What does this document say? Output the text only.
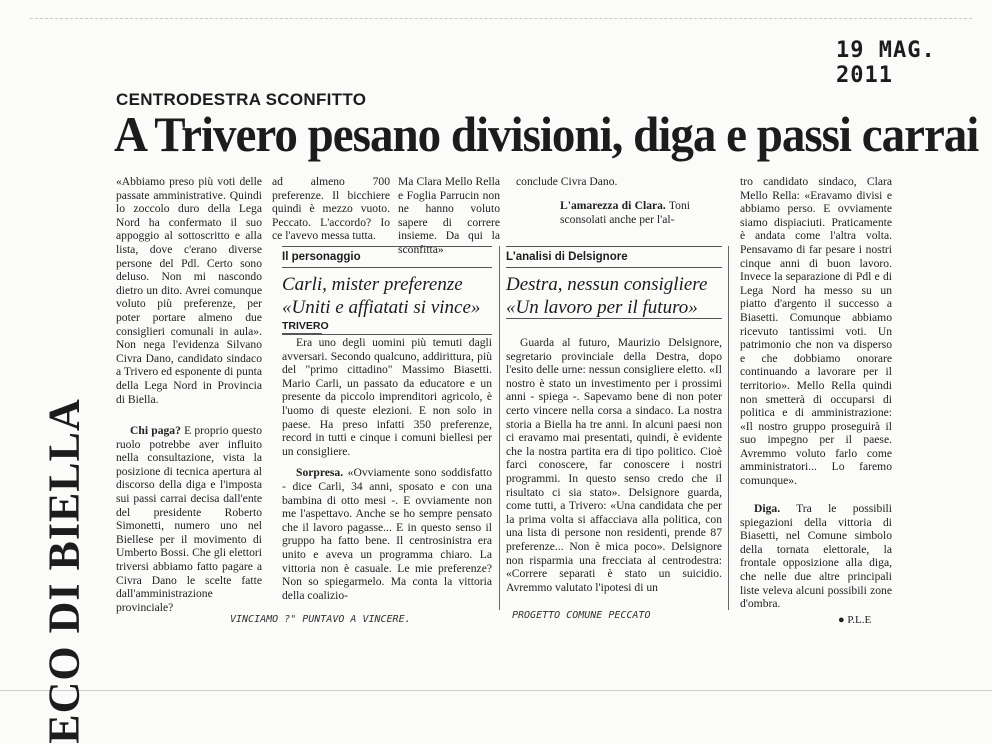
19 MAG. 2011
CENTRODESTRA SCONFITTO
A Trivero pesano divisioni, diga e passi carrai
ECO DI BIELLA

«Abbiamo preso più voti delle passate amministrative. Quindi lo zoccolo duro della Lega Nord ha confermato il suo appoggio al sottoscritto e alla lista, dove c'erano diverse persone del Pdl. Certo sono deluso. Non mi nascondo dietro un dito. Avrei comunque voluto più preferenze, per poter portare almeno due consiglieri comunali in aula». Non nega l'evidenza Silvano Civra Dano, candidato sindaco a Trivero ed esponente di punta della Lega Nord in Provincia di Biella.

Chi paga? E proprio questo ruolo potrebbe aver influito nella consultazione, vista la posizione di tecnica apertura al discorso della diga e l'imposta sui passi carrai decisa dall'ente del presidente Roberto Simonetti, numero uno nel Biellese per il movimento di Umberto Bossi. Che gli elettori triversi abbiamo fatto pagare a Civra Dano le scelte fatte dall'amministrazione provinciale?

ad almeno 700 preferenze. Il bicchiere quindi è mezzo vuoto. Peccato. L'accordo? Io ce l'avevo messa tutta.

Ma Clara Mello Rella e Foglia Parrucin non ne hanno voluto sapere di correre insieme. Da qui la sconfitta»

conclude Civra Dano.

L'amarezza di Clara. Toni sconsolati anche per l'al-

tro candidato sindaco, Clara Mello Rella: «Eravamo divisi e abbiamo perso. E ovviamente siamo dispiaciuti. Praticamente è andata come l'altra volta. Pensavamo di far pesare i nostri cinque anni di buon lavoro. Invece la separazione di Pdl e di Lega Nord ha messo su un piatto d'argento il successo a Biasetti. Comunque abbiamo ricevuto tantissimi voti. Un patrimonio che non va disperso e che dobbiamo onorare continuando a lavorare per il territorio». Mello Rella quindi non smetterà di occuparsi di politica e di amministrazione: «Il nostro gruppo proseguirà il suo impegno per il paese. Avremmo voluto farlo come amministratori... Lo faremo comunque».

Diga. Tra le possibili spiegazioni della vittoria di Biasetti, nel Comune simbolo della tornata elettorale, la frontale opposizione alla diga, che nelle due altre principali liste veleva alcuni possibili zone d'ombra.

● P.L.E
Il personaggio
Carli, mister preferenze
«Uniti e affiatati si vince»
TRIVERO

Era uno degli uomini più temuti dagli avversari. Secondo qualcuno, addirittura, più del "primo cittadino" Massimo Biasetti. Mario Carli, un passato da educatore e un presente da piccolo imprenditori agricolo, è l'uomo di queste elezioni. E non solo in paese. Ha preso infatti 350 preferenze, record in tutti e cinque i comuni biellesi per un consigliere.

Sorpresa. «Ovviamente sono soddisfatto - dice Carli, 34 anni, sposato e con una bambina di otto mesi -. E ovviamente non me l'aspettavo. Anche se ho sempre pensato che il lavoro pagasse... E in questo senso il gruppo ha fatto bene. Il centrosinistra era unito e aveva un programma chiaro. La vittoria non è casuale. Le mie preferenze? Non so spiegarmelo. Ma conta la vittoria della coalizio-

VINCIAMO ?" PUNTAVO A VINCERE.
L'analisi di Delsignore
Destra, nessun consigliere
«Un lavoro per il futuro»

Guarda al futuro, Maurizio Delsignore, segretario provinciale della Destra, dopo l'esito delle urne: nessun consigliere eletto. «Il nostro è stato un investimento per i prossimi anni - spiega -. Sapevamo bene di non poter certo vincere nella corsa a sindaco. La nostra storia a Biella ha tre anni. In alcuni paesi non ci eravamo mai presentati, quindi, è evidente che la nostra partita era di tipo politico. Cioè farci conoscere, far conoscere i nostri programmi. In questo senso credo che il risultato ci sia stato». Delsignore guarda, come tutti, a Trivero: «Una candidata che per la prima volta si affacciava alla politica, con una lista di persone non residenti, prende 87 preferenze... Non è mica poco». Delsignore non risparmia una frecciata al centrodestra: «Correre separati è stato un suicidio. Avremmo valutato l'ipotesi di un

PROGETTO COMUNE PECCATO
